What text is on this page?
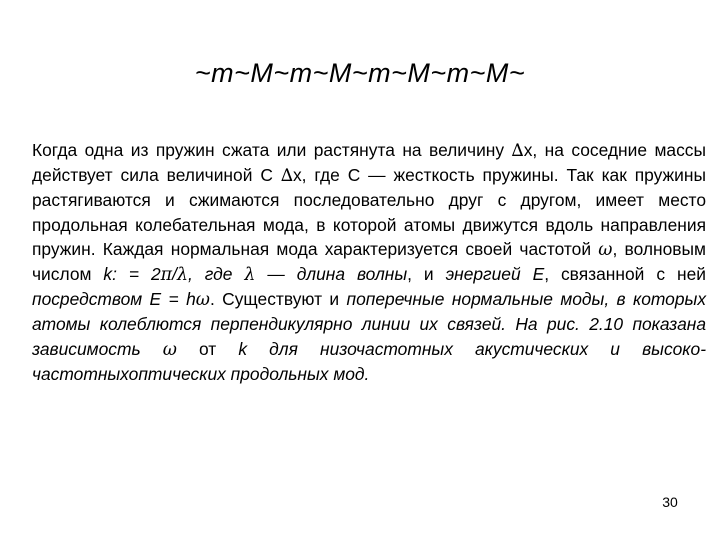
~m~M~m~M~m~M~m~M~
Когда одна из пружин сжата или растянута на величину ∆x, на соседние массы действует сила величиной C ∆x, где C — жесткость пружины. Так как пружины растягиваются и сжимаются последовательно друг с другом, имеет место продольная колебательная мода, в которой атомы движутся вдоль направления пружин. Каждая нормальная мода характеризуется своей частотой ω, волновым числом k: = 2π/λ, где λ — длина волны, и энергией E, связанной с ней посредством E = hω. Существуют и поперечные нормальные моды, в которых атомы колеблются перпендикулярно линии их связей. На рис. 2.10 показана зависимость ω от k для низочастотных акустических и высоко-частотныхоптических продольных мод.
30
